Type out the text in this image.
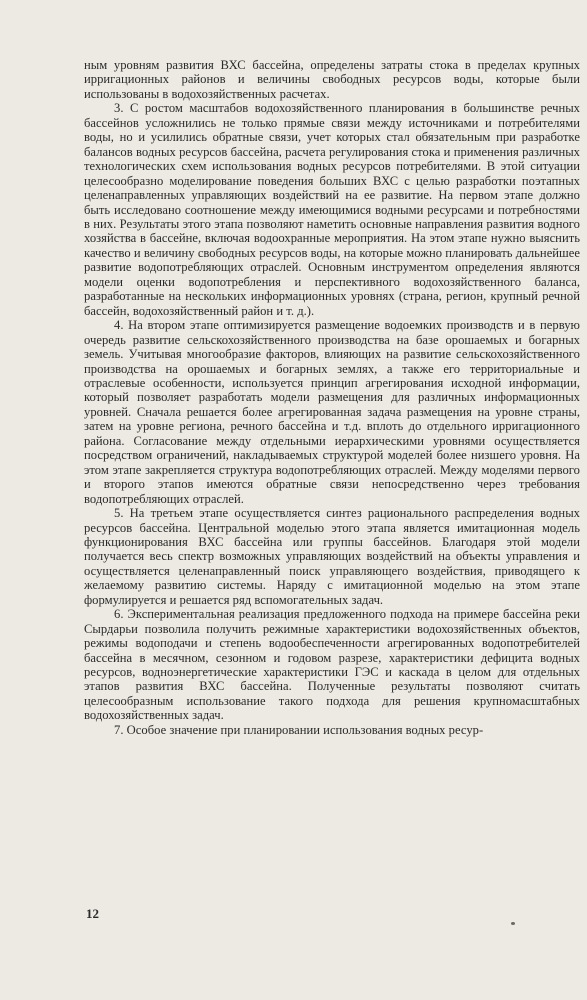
ным уровням развития ВХС бассейна, определены затраты стока в пределах крупных ирригационных районов и величины свободных ресурсов воды, которые были использованы в водохозяйственных расчетах.

3. С ростом масштабов водохозяйственного планирования в большинстве речных бассейнов усложнились не только прямые связи между источниками и потребителями воды, но и усилились обратные связи, учет которых стал обязательным при разработке балансов водных ресурсов бассейна, расчета регулирования стока и применения различных технологических схем использования водных ресурсов потребителями. В этой ситуации целесообразно моделирование поведения больших ВХС с целью разработки поэтапных целенаправленных управляющих воздействий на ее развитие. На первом этапе должно быть исследовано соотношение между имеющимися водными ресурсами и потребностями в них. Результаты этого этапа позволяют наметить основные направления развития водного хозяйства в бассейне, включая водоохранные мероприятия. На этом этапе нужно выяснить качество и величину свободных ресурсов воды, на которые можно планировать дальнейшее развитие водопотребляющих отраслей. Основным инструментом определения являются модели оценки водопотребления и перспективного водохозяйственного баланса, разработанные на нескольких информационных уровнях (страна, регион, крупный речной бассейн, водохозяйственный район и т. д.).

4. На втором этапе оптимизируется размещение водоемких производств и в первую очередь развитие сельскохозяйственного производства на базе орошаемых и богарных земель. Учитывая многообразие факторов, влияющих на развитие сельскохозяйственного производства на орошаемых и богарных землях, а также его территориальные и отраслевые особенности, используется принцип агрегирования исходной информации, который позволяет разработать модели размещения для различных информационных уровней. Сначала решается более агрегированная задача размещения на уровне страны, затем на уровне региона, речного бассейна и т.д. вплоть до отдельного ирригационного района. Согласование между отдельными иерархическими уровнями осуществляется посредством ограничений, накладываемых структурой моделей более низшего уровня. На этом этапе закрепляется структура водопотребляющих отраслей. Между моделями первого и второго этапов имеются обратные связи непосредственно через требования водопотребляющих отраслей.

5. На третьем этапе осуществляется синтез рационального распределения водных ресурсов бассейна. Центральной моделью этого этапа является имитационная модель функционирования ВХС бассейна или группы бассейнов. Благодаря этой модели получается весь спектр возможных управляющих воздействий на объекты управления и осуществляется целенаправленный поиск управляющего воздействия, приводящего к желаемому развитию системы. Наряду с имитационной моделью на этом этапе формулируется и решается ряд вспомогательных задач.

6. Экспериментальная реализация предложенного подхода на примере бассейна реки Сырдарьи позволила получить режимные характеристики водохозяйственных объектов, режимы водоподачи и степень водообеспеченности агрегированных водопотребителей бассейна в месячном, сезонном и годовом разрезе, характеристики дефицита водных ресурсов, водноэнергетические характеристики ГЭС и каскада в целом для отдельных этапов развития ВХС бассейна. Полученные результаты позволяют считать целесообразным использование такого подхода для решения крупномасштабных водохозяйственных задач.

7. Особое значение при планировании использования водных ресур-

12
